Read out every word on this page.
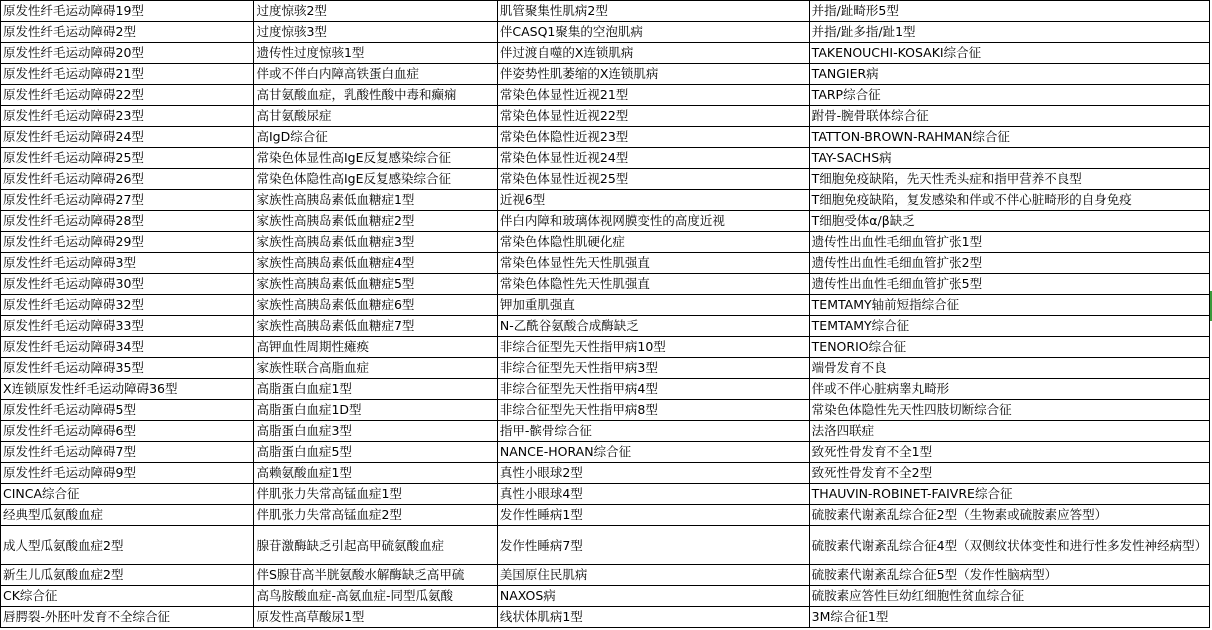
原发性纤毛运动障碍19型	过度惊骇2型	肌管聚集性肌病2型	并指/趾畸形5型
原发性纤毛运动障碍2型	过度惊骇3型	伴CASQ1聚集的空泡肌病	并指/趾多指/趾1型
原发性纤毛运动障碍20型	遗传性过度惊骇1型	伴过渡自噬的X连锁肌病	TAKENOUCHI-KOSAKI综合征
原发性纤毛运动障碍21型	伴或不伴白内障高铁蛋白血症	伴姿势性肌萎缩的X连锁肌病	TANGIER病
原发性纤毛运动障碍22型	高甘氨酸血症，乳酸性酸中毒和癫痫	常染色体显性近视21型	TARP综合征
原发性纤毛运动障碍23型	高甘氨酸尿症	常染色体显性近视22型	跗骨-腕骨联体综合征
原发性纤毛运动障碍24型	高IgD综合征	常染色体隐性近视23型	TATTON-BROWN-RAHMAN综合征
原发性纤毛运动障碍25型	常染色体显性高IgE反复感染综合征	常染色体显性近视24型	TAY-SACHS病
原发性纤毛运动障碍26型	常染色体隐性高IgE反复感染综合征	常染色体显性近视25型	T细胞免疫缺陷，先天性秃头症和指甲营养不良型
原发性纤毛运动障碍27型	家族性高胰岛素低血糖症1型	近视6型	T细胞免疫缺陷，复发感染和伴或不伴心脏畸形的自身免疫
原发性纤毛运动障碍28型	家族性高胰岛素低血糖症2型	伴白内障和玻璃体视网膜变性的高度近视	T细胞受体α/β缺乏
原发性纤毛运动障碍29型	家族性高胰岛素低血糖症3型	常染色体隐性肌硬化症	遗传性出血性毛细血管扩张1型
原发性纤毛运动障碍3型	家族性高胰岛素低血糖症4型	常染色体显性先天性肌强直	遗传性出血性毛细血管扩张2型
原发性纤毛运动障碍30型	家族性高胰岛素低血糖症5型	常染色体隐性先天性肌强直	遗传性出血性毛细血管扩张5型
原发性纤毛运动障碍32型	家族性高胰岛素低血糖症6型	钾加重肌强直	TEMTAMY轴前短指综合征
原发性纤毛运动障碍33型	家族性高胰岛素低血糖症7型	N-乙酰谷氨酸合成酶缺乏	TEMTAMY综合征
原发性纤毛运动障碍34型	高钾血性周期性瘫痪	非综合征型先天性指甲病10型	TENORIO综合征
原发性纤毛运动障碍35型	家族性联合高脂血症	非综合征型先天性指甲病3型	端骨发育不良
X连锁原发性纤毛运动障碍36型	高脂蛋白血症1型	非综合征型先天性指甲病4型	伴或不伴心脏病睾丸畸形
原发性纤毛运动障碍5型	高脂蛋白血症1D型	非综合征型先天性指甲病8型	常染色体隐性先天性四肢切断综合征
原发性纤毛运动障碍6型	高脂蛋白血症3型	指甲-髌骨综合征	法洛四联症
原发性纤毛运动障碍7型	高脂蛋白血症5型	NANCE-HORAN综合征	致死性骨发育不全1型
原发性纤毛运动障碍9型	高赖氨酸血症1型	真性小眼球2型	致死性骨发育不全2型
CINCA综合征	伴肌张力失常高锰血症1型	真性小眼球4型	THAUVIN-ROBINET-FAIVRE综合征
经典型瓜氨酸血症	伴肌张力失常高锰血症2型	发作性睡病1型	硫胺素代谢紊乱综合征2型（生物素或硫胺素应答型）
成人型瓜氨酸血症2型	腺苷激酶缺乏引起高甲硫氨酸血症	发作性睡病7型	硫胺素代谢紊乱综合征4型（双侧纹状体变性和进行性多发性神经病型）
新生儿瓜氨酸血症2型	伴S腺苷高半胱氨酸水解酶缺乏高甲硫	美国原住民肌病	硫胺素代谢紊乱综合征5型（发作性脑病型）
CK综合征	高鸟胺酸血症-高氨血症-同型瓜氨酸	NAXOS病	硫胺素应答性巨幼红细胞性贫血综合征
唇腭裂-外胚叶发育不全综合征	原发性高草酸尿1型	线状体肌病1型	3M综合征1型
